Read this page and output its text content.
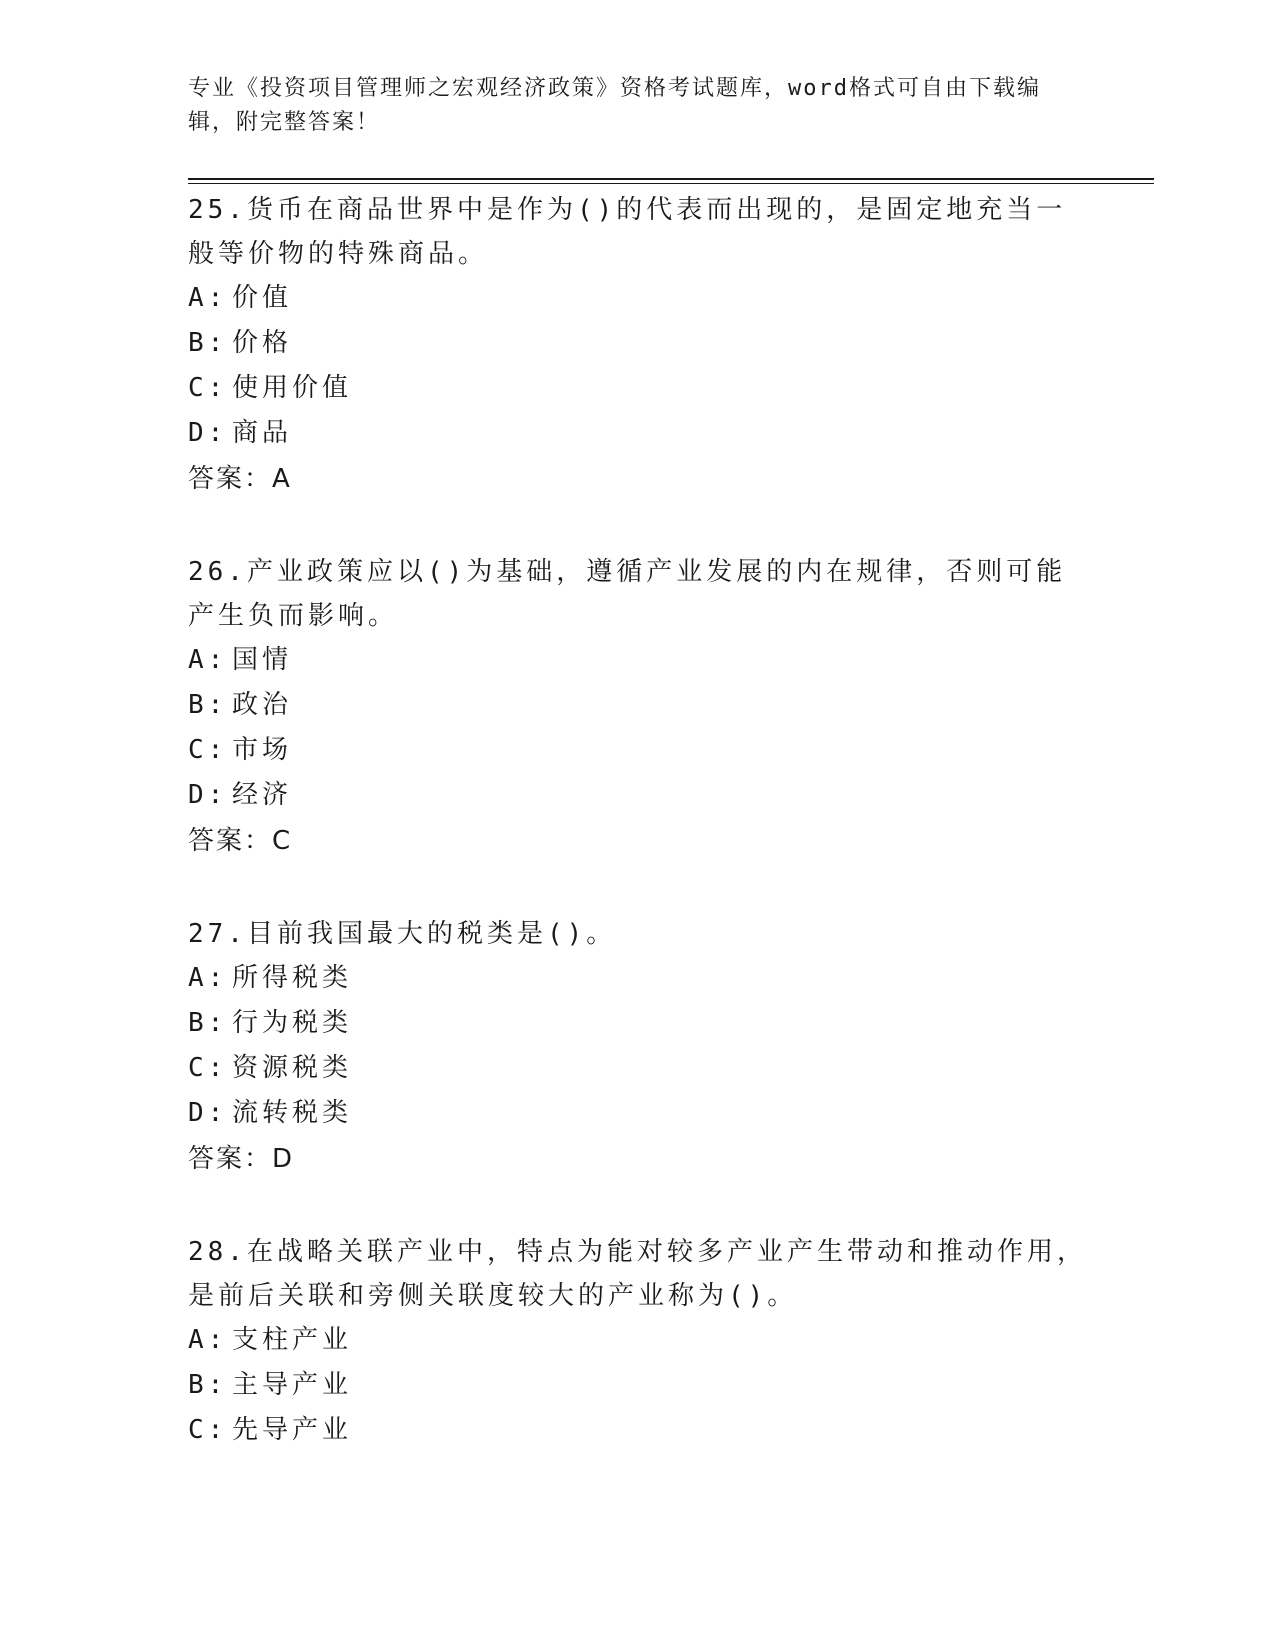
专业《投资项目管理师之宏观经济政策》资格考试题库，word格式可自由下载编辑，附完整答案！

25.货币在商品世界中是作为()的代表而出现的，是固定地充当一般等价物的特殊商品。

A: 价值

B: 价格

C: 使用价值

D: 商品

答案：A

26.产业政策应以()为基础，遵循产业发展的内在规律，否则可能产生负而影响。

A: 国情

B: 政治

C: 市场

D: 经济

答案：C

27.目前我国最大的税类是()。

A: 所得税类

B: 行为税类

C: 资源税类

D: 流转税类

答案：D

28.在战略关联产业中，特点为能对较多产业产生带动和推动作用，是前后关联和旁侧关联度较大的产业称为()。

A: 支柱产业

B: 主导产业

C: 先导产业
